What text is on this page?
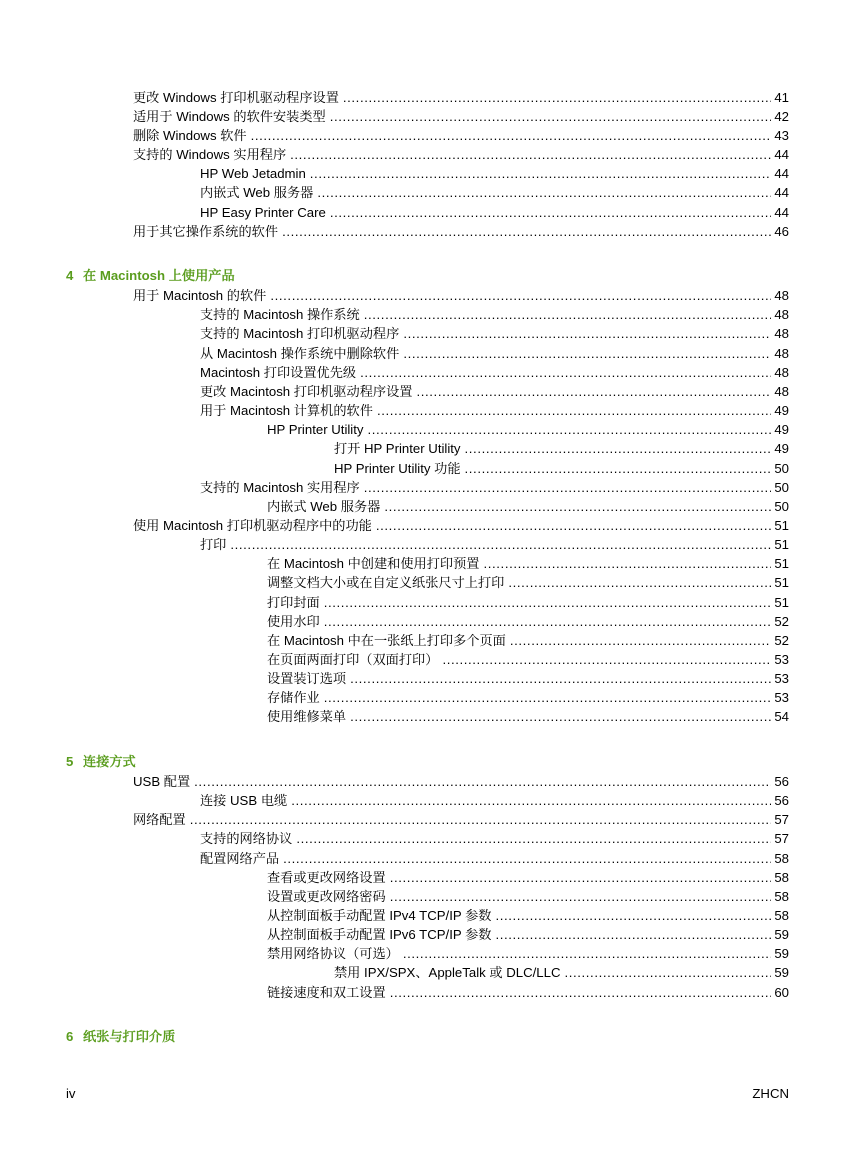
更改 Windows 打印机驱动程序设置 .....	41
适用于 Windows 的软件安装类型 .....	42
删除 Windows 软件 .....	43
支持的 Windows 实用程序 .....	44
HP Web Jetadmin .....	44
内嵌式 Web 服务器 .....	44
HP Easy Printer Care .....	44
用于其它操作系统的软件 .....	46
4 在 Macintosh 上使用产品
用于 Macintosh 的软件 .....	48
支持的 Macintosh 操作系统 .....	48
支持的 Macintosh 打印机驱动程序 .....	48
从 Macintosh 操作系统中删除软件 .....	48
Macintosh 打印设置优先级 .....	48
更改 Macintosh 打印机驱动程序设置 .....	48
用于 Macintosh 计算机的软件 .....	49
HP Printer Utility .....	49
打开 HP Printer Utility .....	49
HP Printer Utility 功能 .....	50
支持的 Macintosh 实用程序 .....	50
内嵌式 Web 服务器 .....	50
使用 Macintosh 打印机驱动程序中的功能 .....	51
打印 .....	51
在 Macintosh 中创建和使用打印预置 .....	51
调整文档大小或在自定义纸张尺寸上打印 .....	51
打印封面 .....	51
使用水印 .....	52
在 Macintosh 中在一张纸上打印多个页面 .....	52
在页面两面打印（双面打印） .....	53
设置装订选项 .....	53
存储作业 .....	53
使用维修菜单 .....	54
5 连接方式
USB 配置 .....	56
连接 USB 电缆 .....	56
网络配置 .....	57
支持的网络协议 .....	57
配置网络产品 .....	58
查看或更改网络设置 .....	58
设置或更改网络密码 .....	58
从控制面板手动配置 IPv4 TCP/IP 参数 .....	58
从控制面板手动配置 IPv6 TCP/IP 参数 .....	59
禁用网络协议（可选） .....	59
禁用 IPX/SPX、AppleTalk 或 DLC/LLC .....	59
链接速度和双工设置 .....	60
6 纸张与打印介质
iv	ZHCN
